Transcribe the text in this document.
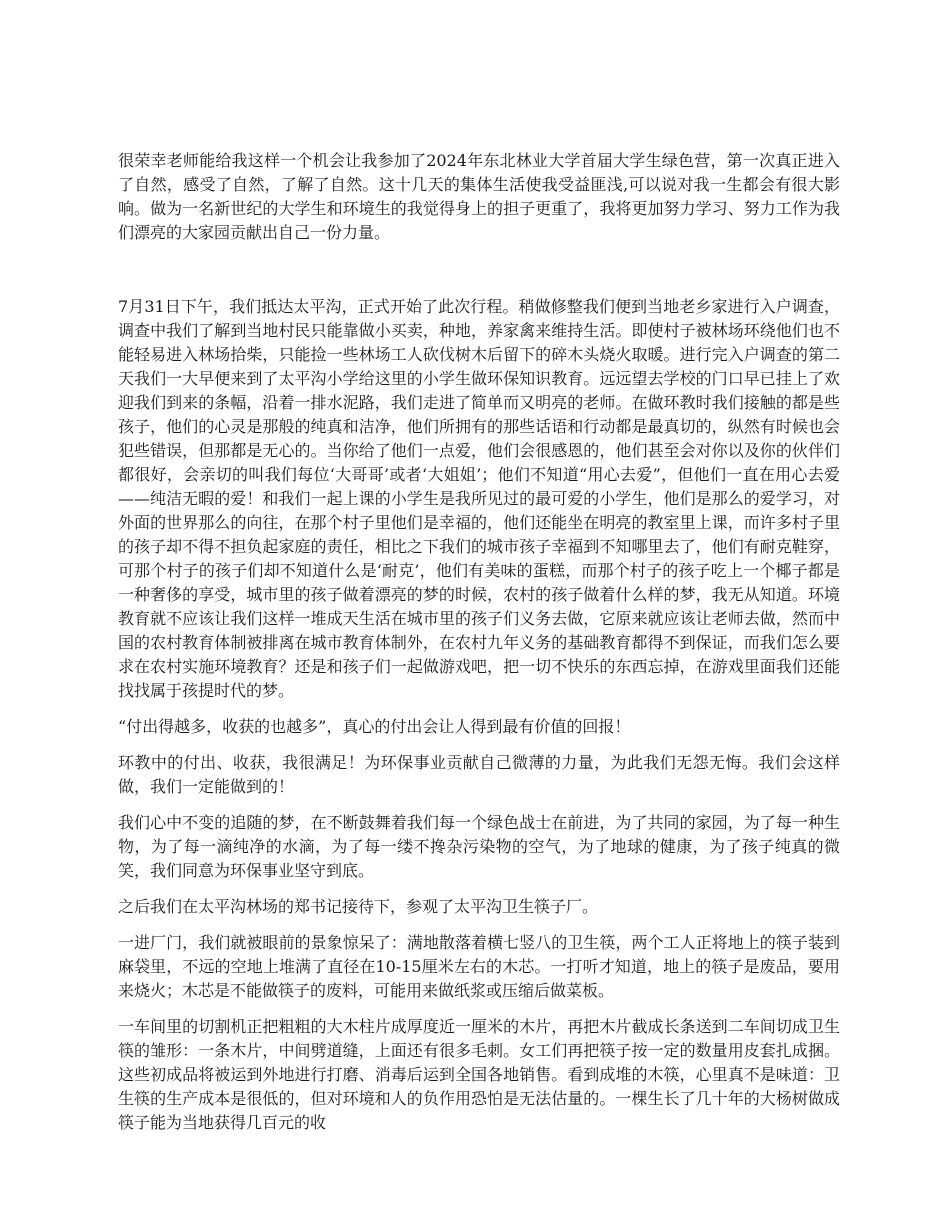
很荣幸老师能给我这样一个机会让我参加了2024年东北林业大学首届大学生绿色营，第一次真正进入了自然，感受了自然，了解了自然。这十几天的集体生活使我受益匪浅,可以说对我一生都会有很大影响。做为一名新世纪的大学生和环境生的我觉得身上的担子更重了，我将更加努力学习、努力工作为我们漂亮的大家园贡献出自己一份力量。

7月31日下午，我们抵达太平沟，正式开始了此次行程。稍做修整我们便到当地老乡家进行入户调查，调查中我们了解到当地村民只能靠做小买卖，种地，养家禽来维持生活。即使村子被林场环绕他们也不能轻易进入林场拾柴，只能捡一些林场工人砍伐树木后留下的碎木头烧火取暖。进行完入户调查的第二天我们一大早便来到了太平沟小学给这里的小学生做环保知识教育。远远望去学校的门口早已挂上了欢迎我们到来的条幅，沿着一排水泥路，我们走进了简单而又明亮的老师。在做环教时我们接触的都是些孩子，他们的心灵是那般的纯真和洁净，他们所拥有的那些话语和行动都是最真切的，纵然有时候也会犯些错误，但那都是无心的。当你给了他们一点爱，他们会很感恩的，他们甚至会对你以及你的伙伴们都很好，会亲切的叫我们每位‘大哥哥’或者‘大姐姐’；他们不知道“用心去爱”，但他们一直在用心去爱——纯洁无暇的爱！和我们一起上课的小学生是我所见过的最可爱的小学生，他们是那么的爱学习，对外面的世界那么的向往，在那个村子里他们是幸福的，他们还能坐在明亮的教室里上课，而许多村子里的孩子却不得不担负起家庭的责任，相比之下我们的城市孩子幸福到不知哪里去了，他们有耐克鞋穿，可那个村子的孩子们却不知道什么是‘耐克’，他们有美味的蛋糕，而那个村子的孩子吃上一个椰子都是一种奢侈的享受，城市里的孩子做着漂亮的梦的时候，农村的孩子做着什么样的梦，我无从知道。环境教育就不应该让我们这样一堆成天生活在城市里的孩子们义务去做，它原来就应该让老师去做，然而中国的农村教育体制被排离在城市教育体制外，在农村九年义务的基础教育都得不到保证，而我们怎么要求在农村实施环境教育？还是和孩子们一起做游戏吧，把一切不快乐的东西忘掉，在游戏里面我们还能找找属于孩提时代的梦。

“付出得越多，收获的也越多”，真心的付出会让人得到最有价值的回报！

环教中的付出、收获，我很满足！为环保事业贡献自己微薄的力量，为此我们无怨无悔。我们会这样做，我们一定能做到的！

我们心中不变的追随的梦，在不断鼓舞着我们每一个绿色战士在前进，为了共同的家园，为了每一种生物，为了每一滴纯净的水滴，为了每一缕不搀杂污染物的空气，为了地球的健康，为了孩子纯真的微笑，我们同意为环保事业坚守到底。

之后我们在太平沟林场的郑书记接待下，参观了太平沟卫生筷子厂。

一进厂门，我们就被眼前的景象惊呆了：满地散落着横七竖八的卫生筷，两个工人正将地上的筷子装到麻袋里，不远的空地上堆满了直径在10-15厘米左右的木芯。一打听才知道，地上的筷子是废品，要用来烧火；木芯是不能做筷子的废料，可能用来做纸浆或压缩后做菜板。

一车间里的切割机正把粗粗的大木柱片成厚度近一厘米的木片，再把木片截成长条送到二车间切成卫生筷的雏形：一条木片，中间劈道缝，上面还有很多毛刺。女工们再把筷子按一定的数量用皮套扎成捆。这些初成品将被运到外地进行打磨、消毒后运到全国各地销售。看到成堆的木筷，心里真不是味道：卫生筷的生产成本是很低的，但对环境和人的负作用恐怕是无法估量的。一棵生长了几十年的大杨树做成筷子能为当地获得几百元的收
